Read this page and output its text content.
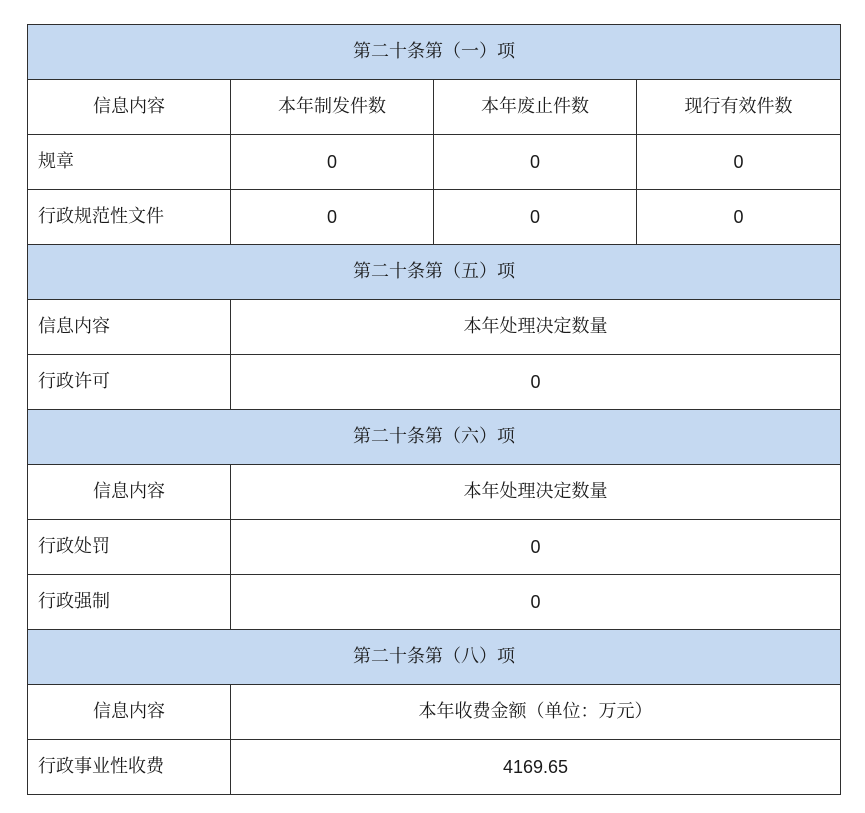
第二十条第（一）项			
信息内容	本年制发件数	本年废止件数	现行有效件数
规章	0	0	0
行政规范性文件	0	0	0
第二十条第（五）项			
信息内容	本年处理决定数量		
行政许可	0		
第二十条第（六）项			
信息内容	本年处理决定数量		
行政处罚	0		
行政强制	0		
第二十条第（八）项			
信息内容	本年收费金额（单位：万元）		
行政事业性收费	4169.65		
